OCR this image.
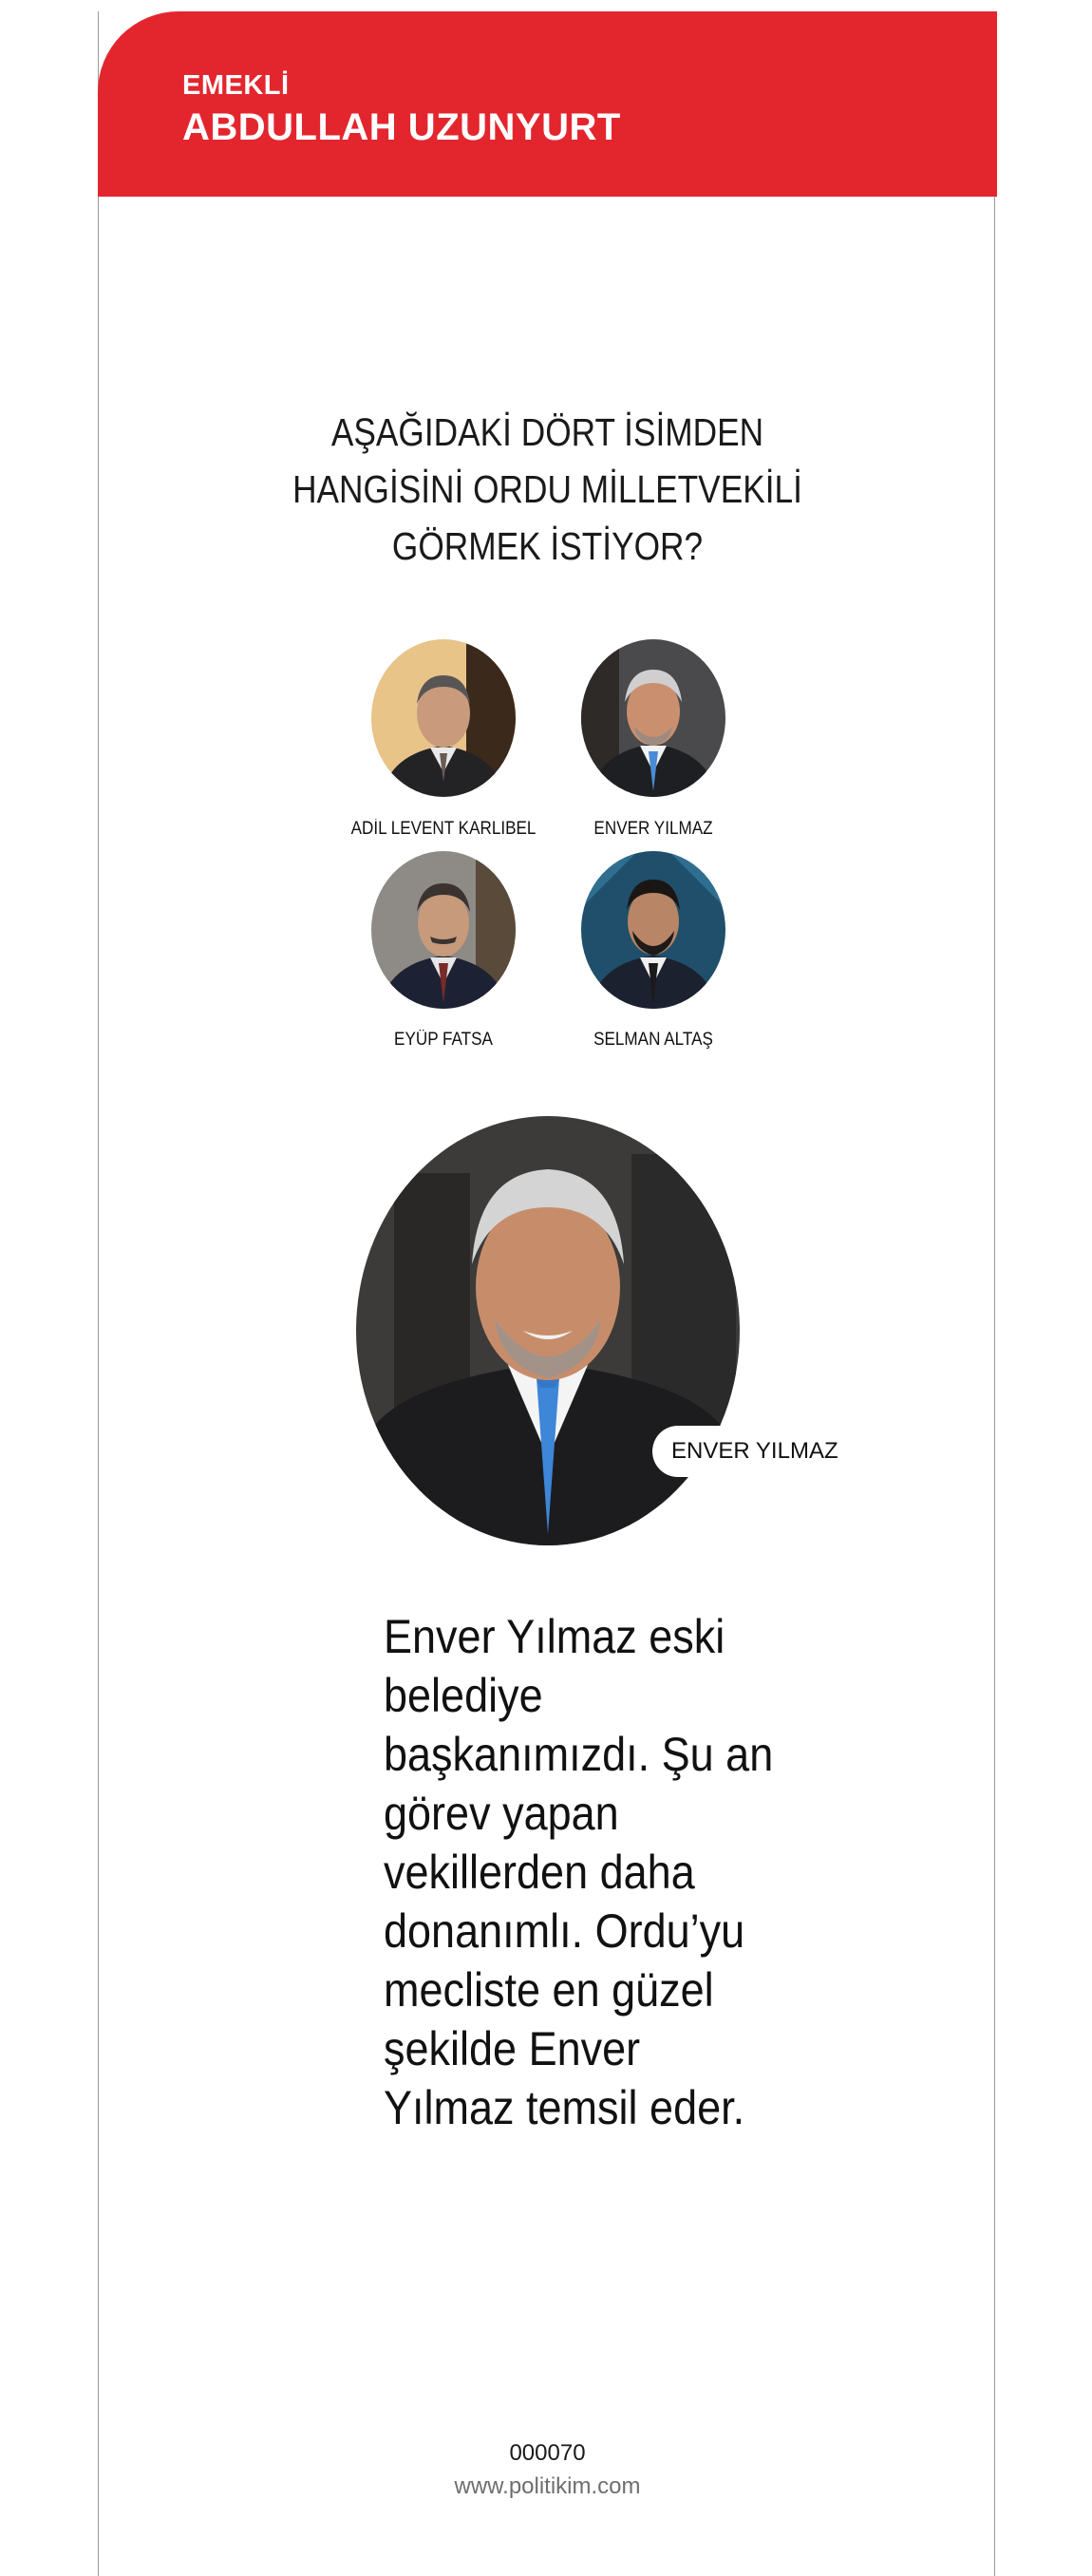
EMEKLİ
ABDULLAH UZUNYURT
AŞAĞIDAKİ DÖRT İSİMDEN
HANGİSİNİ ORDU MİLLETVEKİLİ
GÖRMEK İSTİYOR?
ADİL LEVENT KARLIBEL	ENVER YILMAZ
EYÜP FATSA	SELMAN ALTAŞ
ENVER YILMAZ
Enver Yılmaz eski
belediye
başkanımızdı. Şu an
görev yapan
vekillerden daha
donanımlı. Ordu’yu
mecliste en güzel
şekilde Enver
Yılmaz temsil eder.
000070
www.politikim.com
